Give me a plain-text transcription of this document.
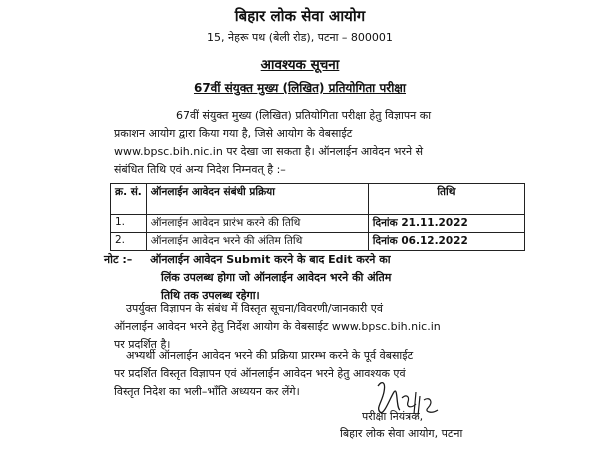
बिहार लोक सेवा आयोग
15, नेहरू पथ (बेली रोड), पटना – 800001
आवश्यक सूचना
67वीं संयुक्त मुख्य (लिखित) प्रतियोगिता परीक्षा
67वीं संयुक्त मुख्य (लिखित) प्रतियोगिता परीक्षा हेतु विज्ञापन का
प्रकाशन आयोग द्वारा किया गया है, जिसे आयोग के वेबसाईट
www.bpsc.bih.nic.in पर देखा जा सकता है। ऑनलाईन आवेदन भरने से
संबंधित तिथि एवं अन्य निदेश निम्नवत् है :–
क्र. सं.	ऑनलाईन आवेदन संबंधी प्रक्रिया	तिथि
1.	ऑनलाईन आवेदन प्रारंभ करने की तिथि	दिनांक 21.11.2022
2.	ऑनलाईन आवेदन भरने की अंतिम तिथि	दिनांक 06.12.2022
नोट :– ऑनलाईन आवेदन Submit करने के बाद Edit करने का
लिंक उपलब्ध होगा जो ऑनलाईन आवेदन भरने की अंतिम
तिथि तक उपलब्ध रहेगा।
उपर्युक्त विज्ञापन के संबंध में विस्तृत सूचना/विवरणी/जानकारी एवं
ऑनलाईन आवेदन भरने हेतु निर्देश आयोग के वेबसाईट www.bpsc.bih.nic.in
पर प्रदर्शित है।
अभ्यर्थी ऑनलाईन आवेदन भरने की प्रक्रिया प्रारम्भ करने के पूर्व वेबसाईट
पर प्रदर्शित विस्तृत विज्ञापन एवं ऑनलाईन आवेदन भरने हेतु आवश्यक एवं
विस्तृत निदेश का भली–भाँति अध्ययन कर लेंगे।
परीक्षा नियंत्रक,
बिहार लोक सेवा आयोग, पटना
